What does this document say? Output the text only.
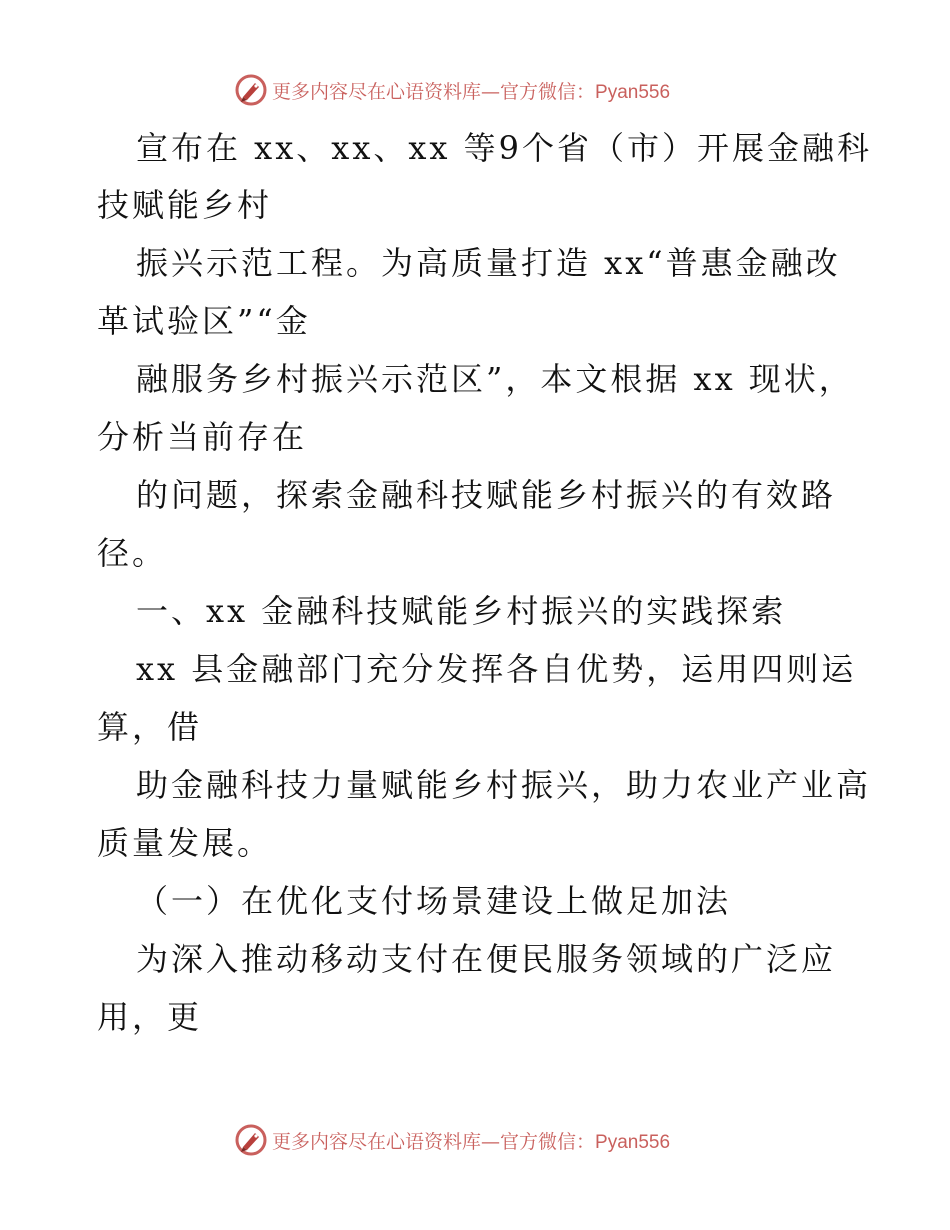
更多内容尽在心语资料库—官方微信：Pyan556
宣布在 xx、xx、xx 等9个省（市）开展金融科
技赋能乡村
振兴示范工程。为高质量打造 xx“普惠金融改
革试验区”“金
融服务乡村振兴示范区”，本文根据 xx 现状，
分析当前存在
的问题，探索金融科技赋能乡村振兴的有效路
径。
一、xx 金融科技赋能乡村振兴的实践探索
xx 县金融部门充分发挥各自优势，运用四则运
算，借
助金融科技力量赋能乡村振兴，助力农业产业高
质量发展。
（一）在优化支付场景建设上做足加法
为深入推动移动支付在便民服务领域的广泛应
用，更
更多内容尽在心语资料库—官方微信：Pyan556
